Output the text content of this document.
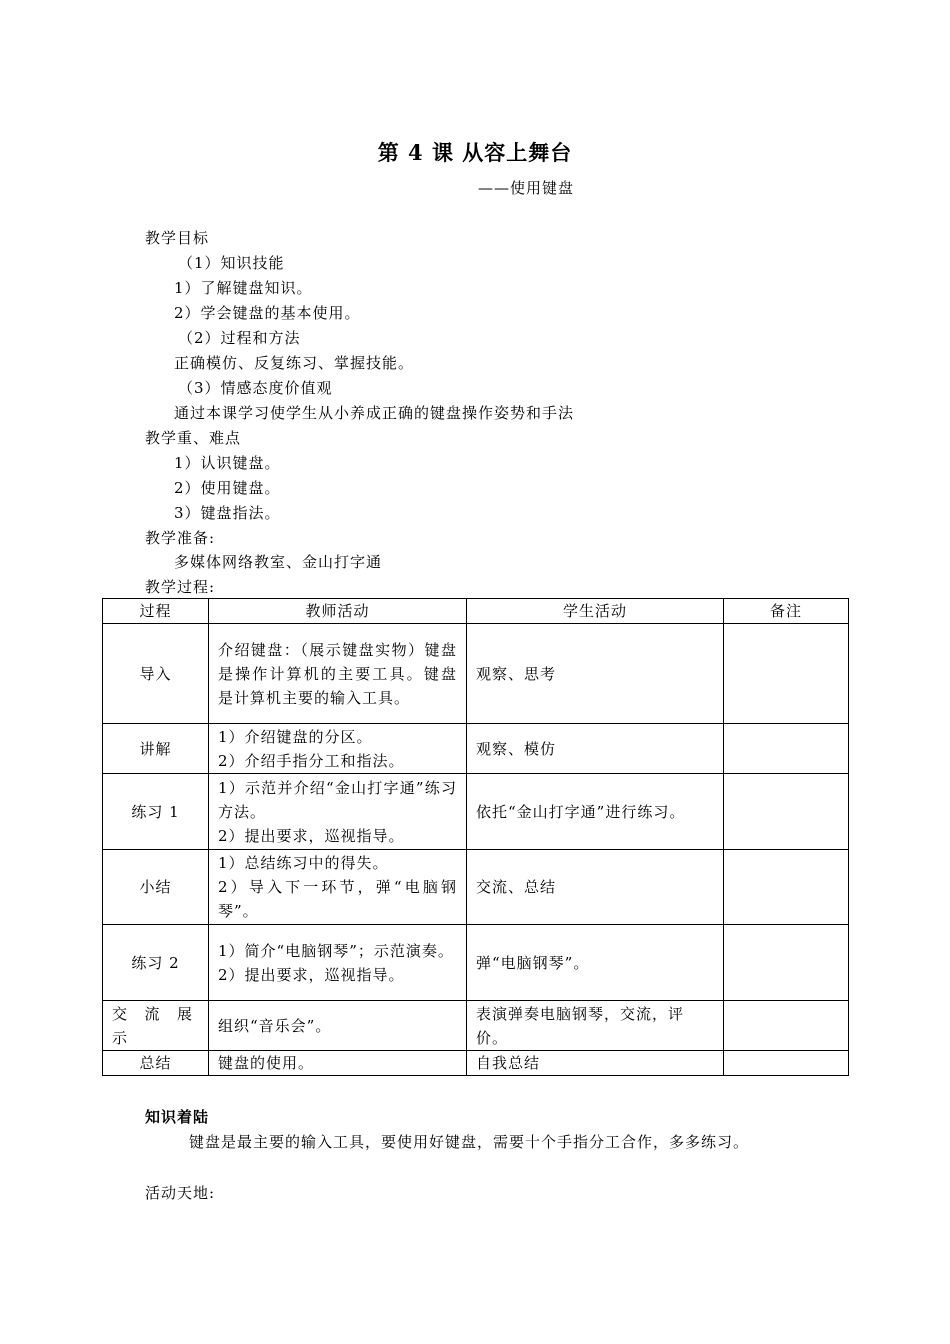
第 4 课 从容上舞台
——使用键盘
教学目标
（1）知识技能
1）了解键盘知识。
2）学会键盘的基本使用。
（2）过程和方法
正确模仿、反复练习、掌握技能。
（3）情感态度价值观
通过本课学习使学生从小养成正确的键盘操作姿势和手法
教学重、难点
1）认识键盘。
2）使用键盘。
3）键盘指法。
教学准备:
多媒体网络教室、金山打字通
教学过程:
过程	教师活动	学生活动	备注
导入	介绍键盘：（展示键盘实物）键盘是操作计算机的主要工具。键盘是计算机主要的输入工具。	观察、思考	
讲解	1）介绍键盘的分区。
2）介绍手指分工和指法。	观察、模仿	
练习 1	1）示范并介绍“金山打字通”练习方法。
2）提出要求，巡视指导。	依托“金山打字通”进行练习。	
小结	1）总结练习中的得失。
2）导入下一环节，弹“电脑钢琴”。	交流、总结	
练习 2	1）简介“电脑钢琴”；示范演奏。
2）提出要求，巡视指导。	弹“电脑钢琴”。	
交流展示	组织“音乐会”。	表演弹奏电脑钢琴，交流，评价。	
总结	键盘的使用。	自我总结	
知识着陆
键盘是最主要的输入工具，要使用好键盘，需要十个手指分工合作，多多练习。
活动天地:
